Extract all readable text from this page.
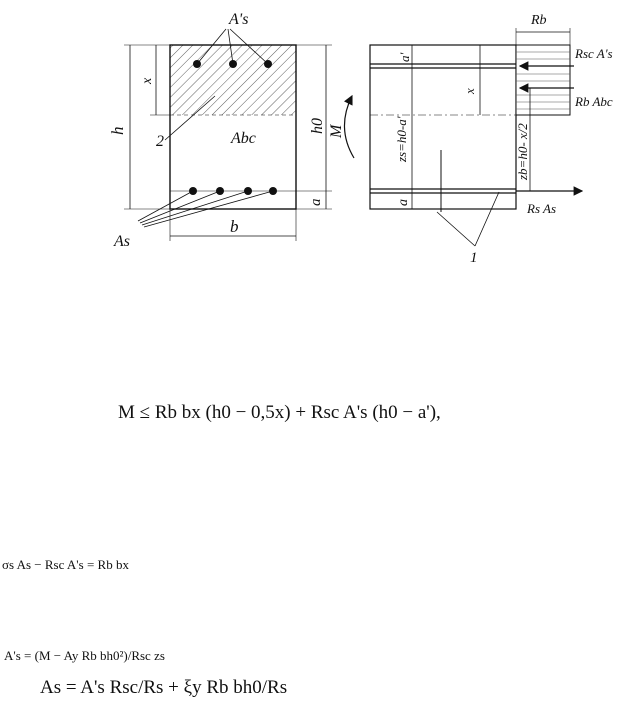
A's
x
h	h0
a
b
As
2	Abc	M
a'
x
zs=h0-a'
a
zb=h0- x/2
Rb
Rsc A's
Rb Abc
Rs As
1
M ≤ Rb bx (h0 − 0,5x) + Rsc A's (h0 − a'),
σs As − Rsc A's = Rb bx
A's = (M − Ay Rb bh0²)/Rsc zs
As = A's Rsc/Rs + ξy Rb bh0/Rs
